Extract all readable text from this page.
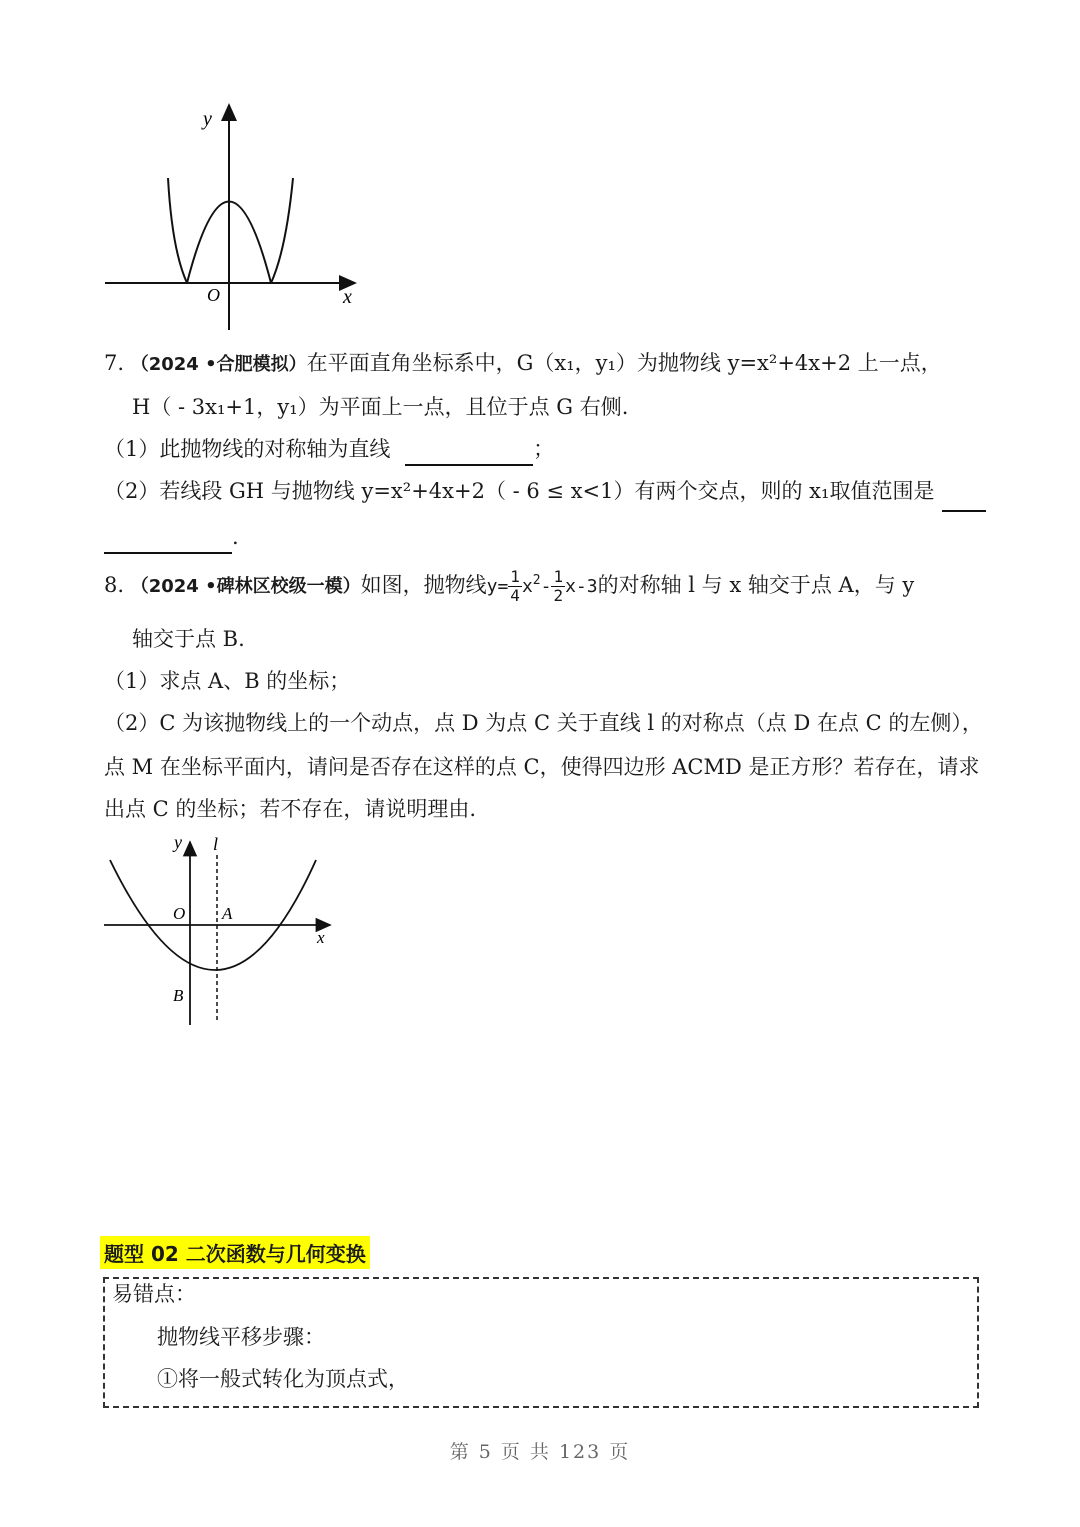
y
x
O
7. （2024 •合肥模拟）在平面直角坐标系中，G（x₁，y₁）为抛物线 y=x²+4x+2 上一点，
H（ - 3x₁+1，y₁）为平面上一点，且位于点 G 右侧.
（1）此抛物线的对称轴为直线	；
（2）若线段 GH 与抛物线 y=x²+4x+2（ - 6 ≤ x<1）有两个交点，则的 x₁取值范围是
.
8. （2024 •碑林区校级一模）如图，抛物线$y= \frac{1}{4} x^2- \frac{1}{2} x-3$的对称轴 l 与 x 轴交于点 A，与 y
轴交于点 B.
（1）求点 A、B 的坐标；
（2）C 为该抛物线上的一个动点，点 D 为点 C 关于直线 l 的对称点（点 D 在点 C 的左侧），
点 M 在坐标平面内，请问是否存在这样的点 C，使得四边形 ACMD 是正方形？若存在，请求
出点 C 的坐标；若不存在，请说明理由.
y l
O A
x
B
题型 02 二次函数与几何变换
易错点：
抛物线平移步骤：
①将一般式转化为顶点式，
第 5 页 共 123 页
